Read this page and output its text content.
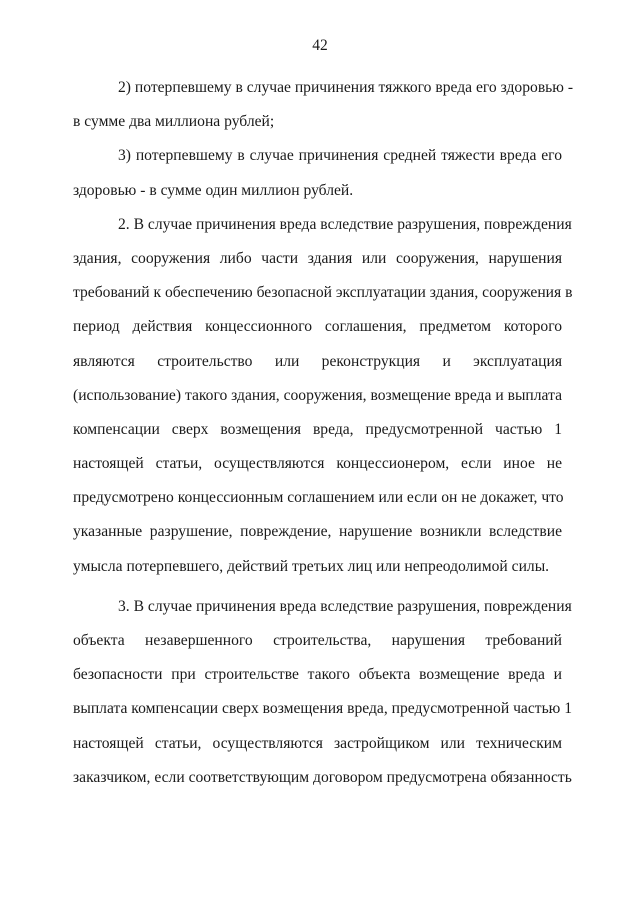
42

2) потерпевшему в случае причинения тяжкого вреда его здоровью -
в сумме два миллиона рублей;

3) потерпевшему в случае причинения средней тяжести вреда его
здоровью - в сумме один миллион рублей.

2. В случае причинения вреда вследствие разрушения, повреждения
здания, сооружения либо части здания или сооружения, нарушения
требований к обеспечению безопасной эксплуатации здания, сооружения в
период действия концессионного соглашения, предметом которого
являются строительство или реконструкция и эксплуатация
(использование) такого здания, сооружения, возмещение вреда и выплата
компенсации сверх возмещения вреда, предусмотренной частью 1
настоящей статьи, осуществляются концессионером, если иное не
предусмотрено концессионным соглашением или если он не докажет, что
указанные разрушение, повреждение, нарушение возникли вследствие
умысла потерпевшего, действий третьих лиц или непреодолимой силы.

3. В случае причинения вреда вследствие разрушения, повреждения
объекта незавершенного строительства, нарушения требований
безопасности при строительстве такого объекта возмещение вреда и
выплата компенсации сверх возмещения вреда, предусмотренной частью 1
настоящей статьи, осуществляются застройщиком или техническим
заказчиком, если соответствующим договором предусмотрена обязанность
